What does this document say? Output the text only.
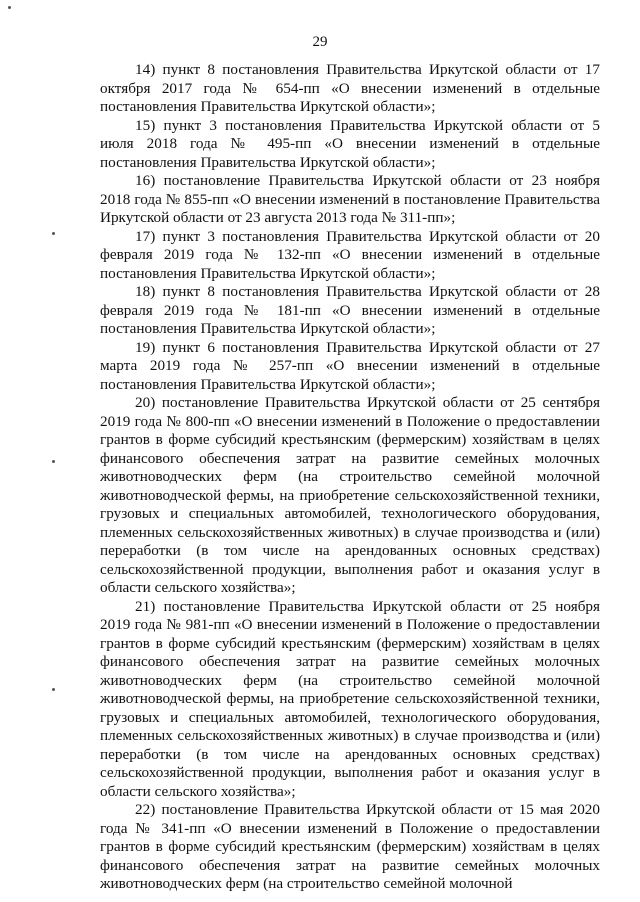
29

14) пункт 8 постановления Правительства Иркутской области от 17 октября 2017 года № 654-пп «О внесении изменений в отдельные постановления Правительства Иркутской области»;

15) пункт 3 постановления Правительства Иркутской области от 5 июля 2018 года № 495-пп «О внесении изменений в отдельные постановления Правительства Иркутской области»;

16) постановление Правительства Иркутской области от 23 ноября 2018 года № 855-пп «О внесении изменений в постановление Правительства Иркутской области от 23 августа 2013 года № 311-пп»;

17) пункт 3 постановления Правительства Иркутской области от 20 февраля 2019 года № 132-пп «О внесении изменений в отдельные постановления Правительства Иркутской области»;

18) пункт 8 постановления Правительства Иркутской области от 28 февраля 2019 года № 181-пп «О внесении изменений в отдельные постановления Правительства Иркутской области»;

19) пункт 6 постановления Правительства Иркутской области от 27 марта 2019 года № 257-пп «О внесении изменений в отдельные постановления Правительства Иркутской области»;

20) постановление Правительства Иркутской области от 25 сентября 2019 года № 800-пп «О внесении изменений в Положение о предоставлении грантов в форме субсидий крестьянским (фермерским) хозяйствам в целях финансового обеспечения затрат на развитие семейных молочных животноводческих ферм (на строительство семейной молочной животноводческой фермы, на приобретение сельскохозяйственной техники, грузовых и специальных автомобилей, технологического оборудования, племенных сельскохозяйственных животных) в случае производства и (или) переработки (в том числе на арендованных основных средствах) сельскохозяйственной продукции, выполнения работ и оказания услуг в области сельского хозяйства»;

21) постановление Правительства Иркутской области от 25 ноября 2019 года № 981-пп «О внесении изменений в Положение о предоставлении грантов в форме субсидий крестьянским (фермерским) хозяйствам в целях финансового обеспечения затрат на развитие семейных молочных животноводческих ферм (на строительство семейной молочной животноводческой фермы, на приобретение сельскохозяйственной техники, грузовых и специальных автомобилей, технологического оборудования, племенных сельскохозяйственных животных) в случае производства и (или) переработки (в том числе на арендованных основных средствах) сельскохозяйственной продукции, выполнения работ и оказания услуг в области сельского хозяйства»;

22) постановление Правительства Иркутской области от 15 мая 2020 года № 341-пп «О внесении изменений в Положение о предоставлении грантов в форме субсидий крестьянским (фермерским) хозяйствам в целях финансового обеспечения затрат на развитие семейных молочных животноводческих ферм (на строительство семейной молочной
